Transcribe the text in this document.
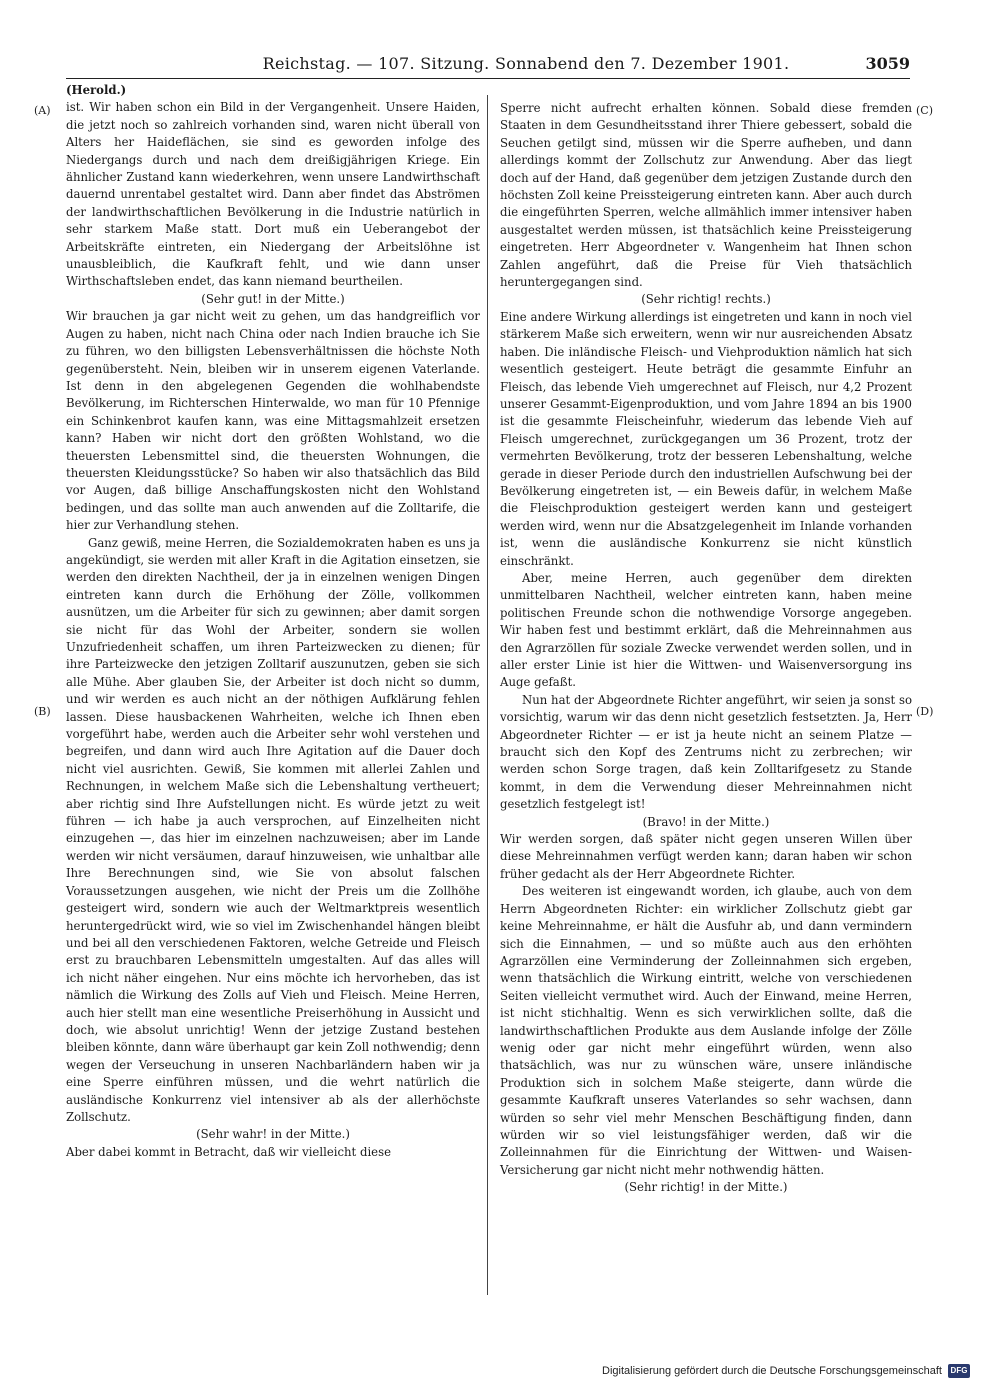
Reichstag. — 107. Sitzung. Sonnabend den 7. Dezember 1901.	3059
(A)
(B)
(C)
(D)

(Herold.)

ist. Wir haben schon ein Bild in der Vergangenheit. Unsere Haiden, die jetzt noch so zahlreich vorhanden sind, waren nicht überall von Alters her Haideflächen, sie sind es geworden infolge des Niedergangs durch und nach dem dreißigjährigen Kriege. Ein ähnlicher Zustand kann wiederkehren, wenn unsere Landwirthschaft dauernd unrentabel gestaltet wird. Dann aber findet das Abströmen der landwirthschaftlichen Bevölkerung in die Industrie natürlich in sehr starkem Maße statt. Dort muß ein Ueberangebot der Arbeitskräfte eintreten, ein Niedergang der Arbeitslöhne ist unausbleiblich, die Kaufkraft fehlt, und wie dann unser Wirthschaftsleben endet, das kann niemand beurtheilen.

(Sehr gut! in der Mitte.)

Wir brauchen ja gar nicht weit zu gehen, um das handgreiflich vor Augen zu haben, nicht nach China oder nach Indien brauche ich Sie zu führen, wo den billigsten Lebensverhältnissen die höchste Noth gegenübersteht. Nein, bleiben wir in unserem eigenen Vaterlande. Ist denn in den abgelegenen Gegenden die wohlhabendste Bevölkerung, im Richterschen Hinterwalde, wo man für 10 Pfennige ein Schinkenbrot kaufen kann, was eine Mittagsmahlzeit ersetzen kann? Haben wir nicht dort den größten Wohlstand, wo die theuersten Lebensmittel sind, die theuersten Wohnungen, die theuersten Kleidungsstücke? So haben wir also thatsächlich das Bild vor Augen, daß billige Anschaffungskosten nicht den Wohlstand bedingen, und das sollte man auch anwenden auf die Zolltarife, die hier zur Verhandlung stehen.

Ganz gewiß, meine Herren, die Sozialdemokraten haben es uns ja angekündigt, sie werden mit aller Kraft in die Agitation einsetzen, sie werden den direkten Nachtheil, der ja in einzelnen wenigen Dingen eintreten kann durch die Erhöhung der Zölle, vollkommen ausnützen, um die Arbeiter für sich zu gewinnen; aber damit sorgen sie nicht für das Wohl der Arbeiter, sondern sie wollen Unzufriedenheit schaffen, um ihren Parteizwecken zu dienen; für ihre Parteizwecke den jetzigen Zolltarif auszunutzen, geben sie sich alle Mühe. Aber glauben Sie, der Arbeiter ist doch nicht so dumm, und wir werden es auch nicht an der nöthigen Aufklärung fehlen lassen. Diese hausbackenen Wahrheiten, welche ich Ihnen eben vorgeführt habe, werden auch die Arbeiter sehr wohl verstehen und begreifen, und dann wird auch Ihre Agitation auf die Dauer doch nicht viel ausrichten. Gewiß, Sie kommen mit allerlei Zahlen und Rechnungen, in welchem Maße sich die Lebenshaltung vertheuert; aber richtig sind Ihre Aufstellungen nicht. Es würde jetzt zu weit führen — ich habe ja auch versprochen, auf Einzelheiten nicht einzugehen —, das hier im einzelnen nachzuweisen; aber im Lande werden wir nicht versäumen, darauf hinzuweisen, wie unhaltbar alle Ihre Berechnungen sind, wie Sie von absolut falschen Voraussetzungen ausgehen, wie nicht der Preis um die Zollhöhe gesteigert wird, sondern wie auch der Weltmarktpreis wesentlich heruntergedrückt wird, wie so viel im Zwischenhandel hängen bleibt und bei all den verschiedenen Faktoren, welche Getreide und Fleisch erst zu brauchbaren Lebensmitteln umgestalten. Auf das alles will ich nicht näher eingehen. Nur eins möchte ich hervorheben, das ist nämlich die Wirkung des Zolls auf Vieh und Fleisch. Meine Herren, auch hier stellt man eine wesentliche Preiserhöhung in Aussicht und doch, wie absolut unrichtig! Wenn der jetzige Zustand bestehen bleiben könnte, dann wäre überhaupt gar kein Zoll nothwendig; denn wegen der Verseuchung in unseren Nachbarländern haben wir ja eine Sperre einführen müssen, und die wehrt natürlich die ausländische Konkurrenz viel intensiver ab als der allerhöchste Zollschutz.

(Sehr wahr! in der Mitte.)

Aber dabei kommt in Betracht, daß wir vielleicht diese

Sperre nicht aufrecht erhalten können. Sobald diese fremden Staaten in dem Gesundheitsstand ihrer Thiere gebessert, sobald die Seuchen getilgt sind, müssen wir die Sperre aufheben, und dann allerdings kommt der Zollschutz zur Anwendung. Aber das liegt doch auf der Hand, daß gegenüber dem jetzigen Zustande durch den höchsten Zoll keine Preissteigerung eintreten kann. Aber auch durch die eingeführten Sperren, welche allmählich immer intensiver haben ausgestaltet werden müssen, ist thatsächlich keine Preissteigerung eingetreten. Herr Abgeordneter v. Wangenheim hat Ihnen schon Zahlen angeführt, daß die Preise für Vieh thatsächlich heruntergegangen sind.

(Sehr richtig! rechts.)

Eine andere Wirkung allerdings ist eingetreten und kann in noch viel stärkerem Maße sich erweitern, wenn wir nur ausreichenden Absatz haben. Die inländische Fleisch- und Viehproduktion nämlich hat sich wesentlich gesteigert. Heute beträgt die gesammte Einfuhr an Fleisch, das lebende Vieh umgerechnet auf Fleisch, nur 4,2 Prozent unserer Gesammt-Eigenproduktion, und vom Jahre 1894 an bis 1900 ist die gesammte Fleischeinfuhr, wiederum das lebende Vieh auf Fleisch umgerechnet, zurückgegangen um 36 Prozent, trotz der vermehrten Bevölkerung, trotz der besseren Lebenshaltung, welche gerade in dieser Periode durch den industriellen Aufschwung bei der Bevölkerung eingetreten ist, — ein Beweis dafür, in welchem Maße die Fleischproduktion gesteigert werden kann und gesteigert werden wird, wenn nur die Absatzgelegenheit im Inlande vorhanden ist, wenn die ausländische Konkurrenz sie nicht künstlich einschränkt.

Aber, meine Herren, auch gegenüber dem direkten unmittelbaren Nachtheil, welcher eintreten kann, haben meine politischen Freunde schon die nothwendige Vorsorge angegeben. Wir haben fest und bestimmt erklärt, daß die Mehreinnahmen aus den Agrarzöllen für soziale Zwecke verwendet werden sollen, und in aller erster Linie ist hier die Wittwen- und Waisenversorgung ins Auge gefaßt.

Nun hat der Abgeordnete Richter angeführt, wir seien ja sonst so vorsichtig, warum wir das denn nicht gesetzlich festsetzten. Ja, Herr Abgeordneter Richter — er ist ja heute nicht an seinem Platze — braucht sich den Kopf des Zentrums nicht zu zerbrechen; wir werden schon Sorge tragen, daß kein Zolltarifgesetz zu Stande kommt, in dem die Verwendung dieser Mehreinnahmen nicht gesetzlich festgelegt ist!

(Bravo! in der Mitte.)

Wir werden sorgen, daß später nicht gegen unseren Willen über diese Mehreinnahmen verfügt werden kann; daran haben wir schon früher gedacht als der Herr Abgeordnete Richter.

Des weiteren ist eingewandt worden, ich glaube, auch von dem Herrn Abgeordneten Richter: ein wirklicher Zollschutz giebt gar keine Mehreinnahme, er hält die Ausfuhr ab, und dann vermindern sich die Einnahmen, — und so müßte auch aus den erhöhten Agrarzöllen eine Verminderung der Zolleinnahmen sich ergeben, wenn thatsächlich die Wirkung eintritt, welche von verschiedenen Seiten vielleicht vermuthet wird. Auch der Einwand, meine Herren, ist nicht stichhaltig. Wenn es sich verwirklichen sollte, daß die landwirthschaftlichen Produkte aus dem Auslande infolge der Zölle wenig oder gar nicht mehr eingeführt würden, wenn also thatsächlich, was nur zu wünschen wäre, unsere inländische Produktion sich in solchem Maße steigerte, dann würde die gesammte Kaufkraft unseres Vaterlandes so sehr wachsen, dann würden so sehr viel mehr Menschen Beschäftigung finden, dann würden wir so viel leistungsfähiger werden, daß wir die Zolleinnahmen für die Einrichtung der Wittwen- und Waisen-Versicherung gar nicht nicht mehr nothwendig hätten.

(Sehr richtig! in der Mitte.)

Digitalisierung gefördert durch die Deutsche Forschungsgemeinschaft	DFG
